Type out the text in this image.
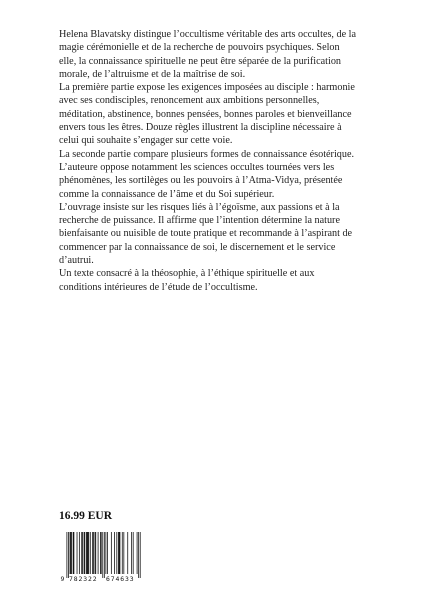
Helena Blavatsky distingue l’occultisme véritable des arts occultes, de la magie cérémonielle et de la recherche de pouvoirs psychiques. Selon elle, la connaissance spirituelle ne peut être séparée de la purification morale, de l’altruisme et de la maîtrise de soi.

La première partie expose les exigences imposées au disciple : harmonie avec ses condisciples, renoncement aux ambitions personnelles, méditation, abstinence, bonnes pensées, bonnes paroles et bienveillance envers tous les êtres. Douze règles illustrent la discipline nécessaire à celui qui souhaite s’engager sur cette voie.

La seconde partie compare plusieurs formes de connaissance ésotérique. L’auteure oppose notamment les sciences occultes tournées vers les phénomènes, les sortilèges ou les pouvoirs à l’Atma-Vidya, présentée comme la connaissance de l’âme et du Soi supérieur.

L’ouvrage insiste sur les risques liés à l’égoïsme, aux passions et à la recherche de puissance. Il affirme que l’intention détermine la nature bienfaisante ou nuisible de toute pratique et recommande à l’aspirant de commencer par la connaissance de soi, le discernement et le service d’autrui.

Un texte consacré à la théosophie, à l’éthique spirituelle et aux conditions intérieures de l’étude de l’occultisme.

16.99 EUR
9 782322 674633
